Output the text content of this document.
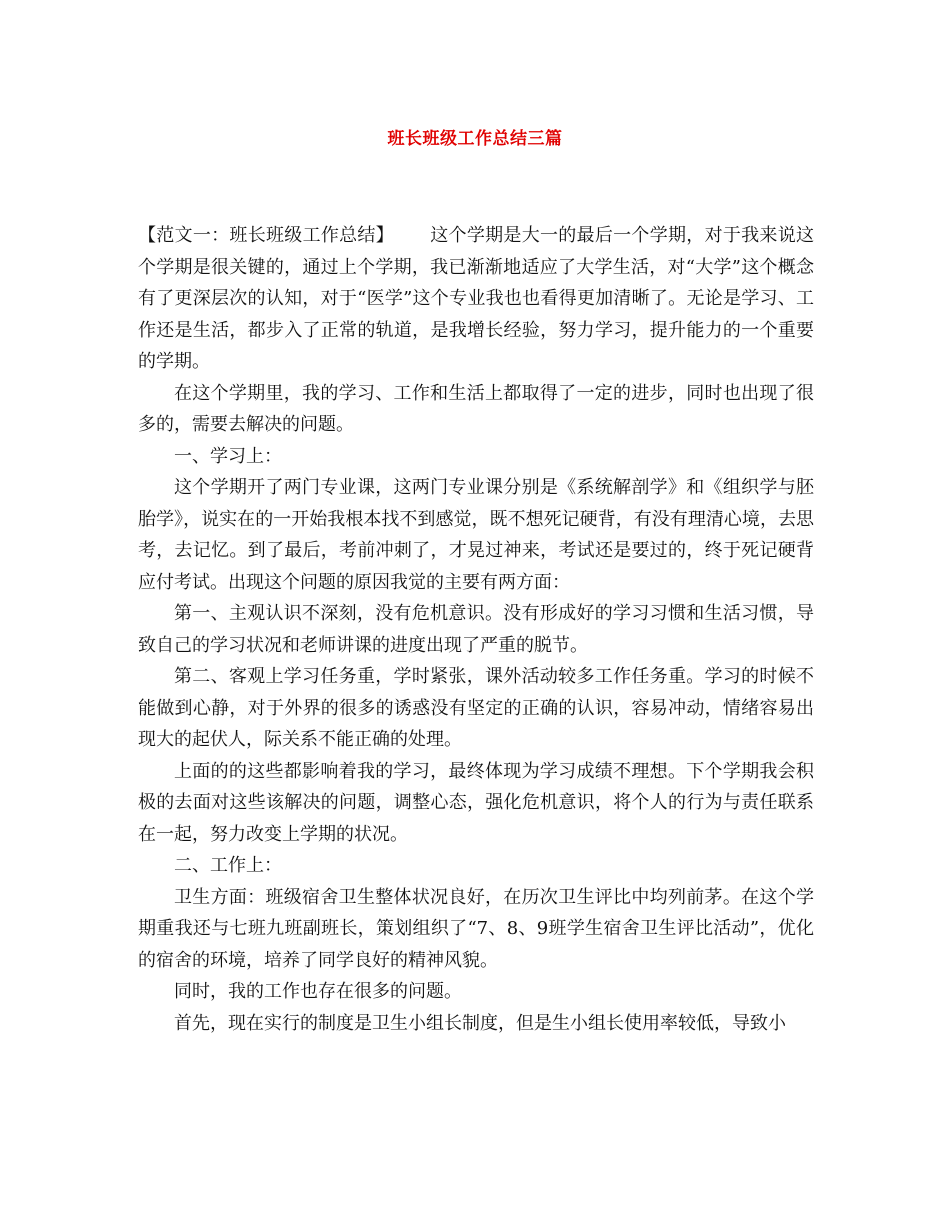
班长班级工作总结三篇

【范文一：班长班级工作总结】 这个学期是大一的最后一个学期，对于我来说这个学期是很关键的，通过上个学期，我已渐渐地适应了大学生活，对“大学”这个概念有了更深层次的认知，对于“医学”这个专业我也也看得更加清晰了。无论是学习、工作还是生活，都步入了正常的轨道，是我增长经验，努力学习，提升能力的一个重要的学期。

在这个学期里，我的学习、工作和生活上都取得了一定的进步，同时也出现了很多的，需要去解决的问题。

一、学习上：

这个学期开了两门专业课，这两门专业课分别是《系统解剖学》和《组织学与胚胎学》，说实在的一开始我根本找不到感觉，既不想死记硬背，有没有理清心境，去思考，去记忆。到了最后，考前冲刺了，才晃过神来，考试还是要过的，终于死记硬背应付考试。出现这个问题的原因我觉的主要有两方面：

第一、主观认识不深刻，没有危机意识。没有形成好的学习习惯和生活习惯，导致自己的学习状况和老师讲课的进度出现了严重的脱节。

第二、客观上学习任务重，学时紧张，课外活动较多工作任务重。学习的时候不能做到心静，对于外界的很多的诱惑没有坚定的正确的认识，容易冲动，情绪容易出现大的起伏人，际关系不能正确的处理。

上面的的这些都影响着我的学习，最终体现为学习成绩不理想。下个学期我会积极的去面对这些该解决的问题，调整心态，强化危机意识，将个人的行为与责任联系在一起，努力改变上学期的状况。

二、工作上：

卫生方面：班级宿舍卫生整体状况良好，在历次卫生评比中均列前茅。在这个学期重我还与七班九班副班长，策划组织了“7、8、9班学生宿舍卫生评比活动”，优化的宿舍的环境，培养了同学良好的精神风貌。

同时，我的工作也存在很多的问题。

首先，现在实行的制度是卫生小组长制度，但是生小组长使用率较低，导致小
